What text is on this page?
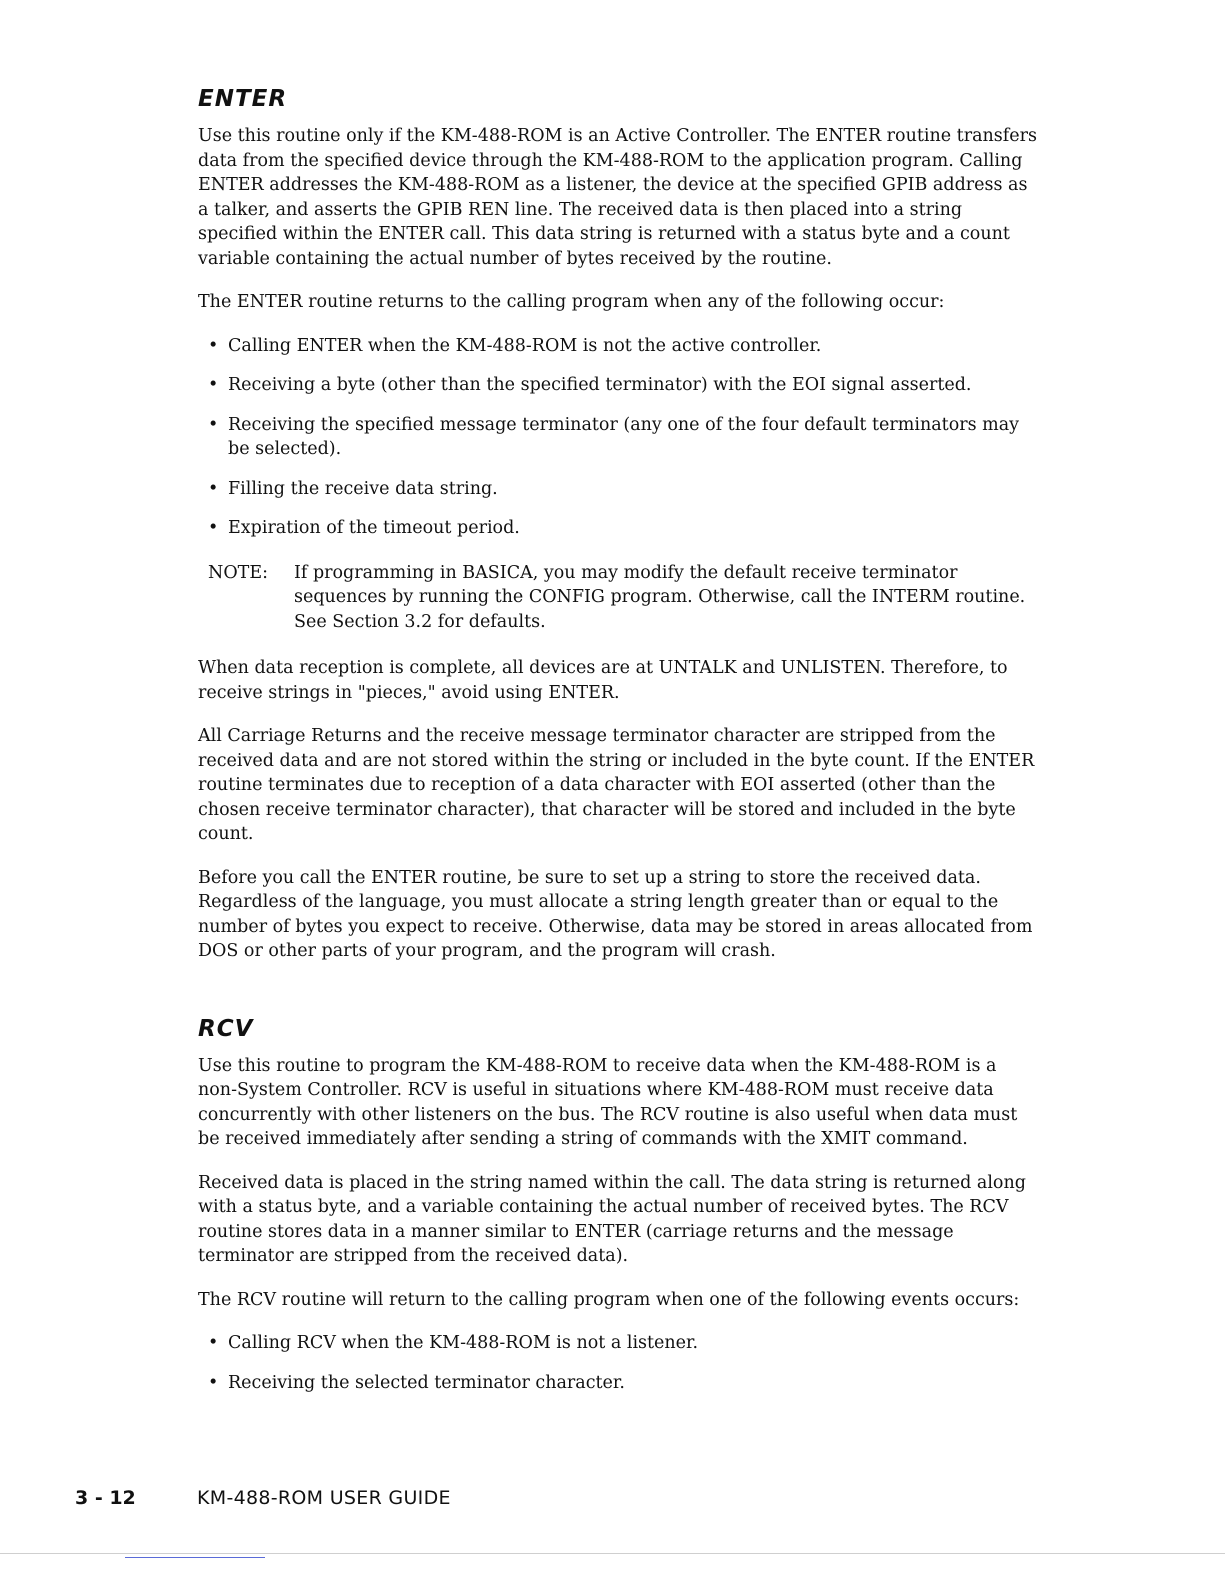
ENTER

Use this routine only if the KM-488-ROM is an Active Controller. The ENTER routine transfers data from the specified device through the KM-488-ROM to the application program. Calling ENTER addresses the KM-488-ROM as a listener, the device at the specified GPIB address as a talker, and asserts the GPIB REN line. The received data is then placed into a string specified within the ENTER call. This data string is returned with a status byte and a count variable containing the actual number of bytes received by the routine.

The ENTER routine returns to the calling program when any of the following occur:

• Calling ENTER when the KM-488-ROM is not the active controller.
• Receiving a byte (other than the specified terminator) with the EOI signal asserted.
• Receiving the specified message terminator (any one of the four default terminators may be selected).
• Filling the receive data string.
• Expiration of the timeout period.
NOTE:	If programming in BASICA, you may modify the default receive terminator sequences by running the CONFIG program. Otherwise, call the INTERM routine. See Section 3.2 for defaults.

When data reception is complete, all devices are at UNTALK and UNLISTEN. Therefore, to receive strings in "pieces," avoid using ENTER.

All Carriage Returns and the receive message terminator character are stripped from the received data and are not stored within the string or included in the byte count. If the ENTER routine terminates due to reception of a data character with EOI asserted (other than the chosen receive terminator character), that character will be stored and included in the byte count.

Before you call the ENTER routine, be sure to set up a string to store the received data. Regardless of the language, you must allocate a string length greater than or equal to the number of bytes you expect to receive. Otherwise, data may be stored in areas allocated from DOS or other parts of your program, and the program will crash.

RCV

Use this routine to program the KM-488-ROM to receive data when the KM-488-ROM is a non-System Controller. RCV is useful in situations where KM-488-ROM must receive data concurrently with other listeners on the bus. The RCV routine is also useful when data must be received immediately after sending a string of commands with the XMIT command.

Received data is placed in the string named within the call. The data string is returned along with a status byte, and a variable containing the actual number of received bytes. The RCV routine stores data in a manner similar to ENTER (carriage returns and the message terminator are stripped from the received data).

The RCV routine will return to the calling program when one of the following events occurs:

• Calling RCV when the KM-488-ROM is not a listener.
• Receiving the selected terminator character.
3 - 12	KM-488-ROM USER GUIDE
